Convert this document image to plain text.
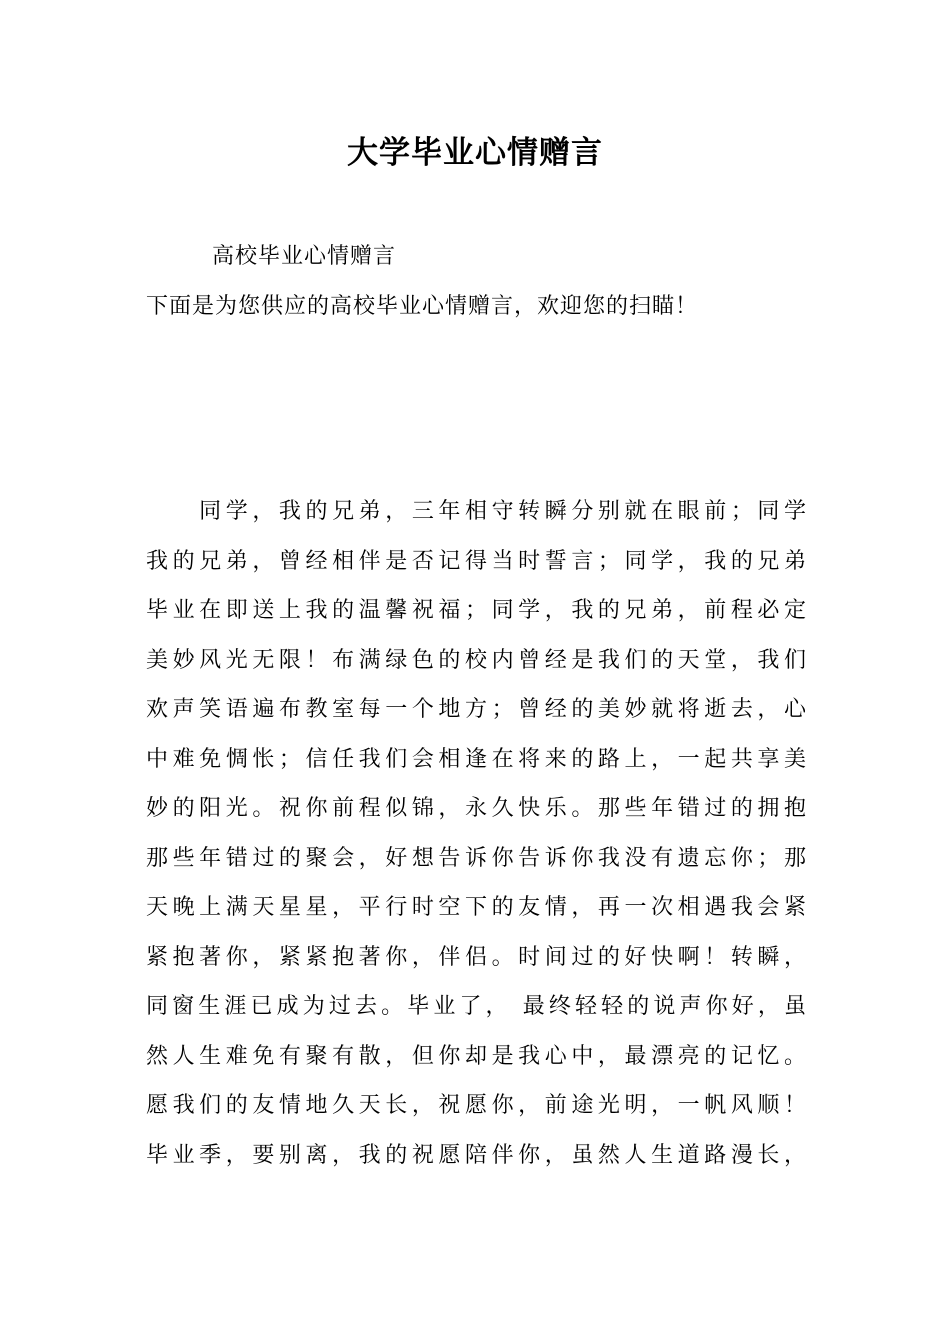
大学毕业心情赠言
高校毕业心情赠言
下面是为您供应的高校毕业心情赠言，欢迎您的扫瞄！
　　同学，我的兄弟，三年相守转瞬分别就在眼前；同学
我的兄弟，曾经相伴是否记得当时誓言；同学，我的兄弟
毕业在即送上我的温馨祝福；同学，我的兄弟，前程必定
美妙风光无限！布满绿色的校内曾经是我们的天堂，我们
欢声笑语遍布教室每一个地方；曾经的美妙就将逝去，心
中难免惆怅；信任我们会相逢在将来的路上，一起共享美
妙的阳光。祝你前程似锦，永久快乐。那些年错过的拥抱
那些年错过的聚会，好想告诉你告诉你我没有遗忘你；那
天晚上满天星星，平行时空下的友情，再一次相遇我会紧
紧抱著你，紧紧抱著你，伴侣。时间过的好快啊！转瞬，
同窗生涯已成为过去。毕业了， 最终轻轻的说声你好，虽
然人生难免有聚有散，但你却是我心中，最漂亮的记忆。
愿我们的友情地久天长，祝愿你，前途光明，一帆风顺！
毕业季，要别离，我的祝愿陪伴你，虽然人生道路漫长，
